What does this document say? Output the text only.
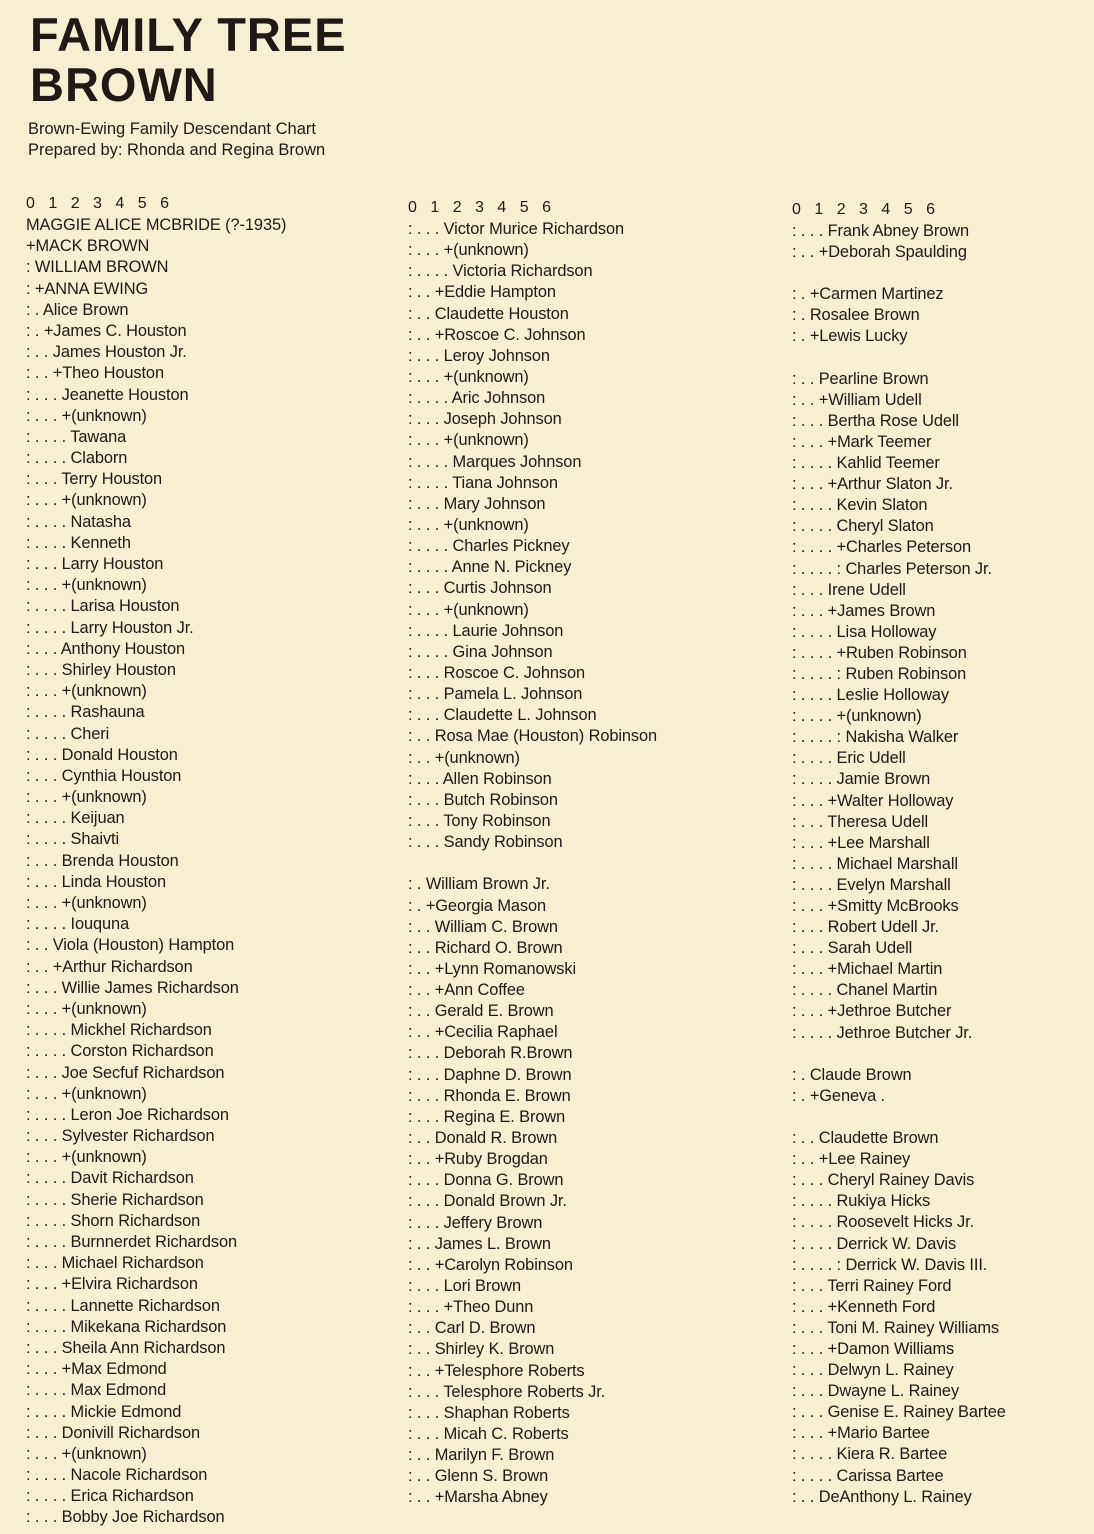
FAMILY TREE
BROWN
Brown-Ewing Family Descendant Chart
Prepared by: Rhonda and Regina Brown
0 1 2 3 4 5 6
MAGGIE ALICE MCBRIDE (?-1935)
+MACK BROWN
: WILLIAM BROWN
: +ANNA EWING
: . Alice Brown
: . +James C. Houston
: . . James Houston Jr.
: . . +Theo Houston
: . . . Jeanette Houston
: . . . +(unknown)
: . . . . Tawana
: . . . . Claborn
: . . . Terry Houston
: . . . +(unknown)
: . . . . Natasha
: . . . . Kenneth
: . . . Larry Houston
: . . . +(unknown)
: . . . . Larisa Houston
: . . . . Larry Houston Jr.
: . . . Anthony Houston
: . . . Shirley Houston
: . . . +(unknown)
: . . . . Rashauna
: . . . . Cheri
: . . . Donald Houston
: . . . Cynthia Houston
: . . . +(unknown)
: . . . . Keijuan
: . . . . Shaivti
: . . . Brenda Houston
: . . . Linda Houston
: . . . +(unknown)
: . . . . Iouquna
: . . Viola (Houston) Hampton
: . . +Arthur Richardson
: . . . Willie James Richardson
: . . . +(unknown)
: . . . . Mickhel Richardson
: . . . . Corston Richardson
: . . . Joe Secfuf Richardson
: . . . +(unknown)
: . . . . Leron Joe Richardson
: . . . Sylvester Richardson
: . . . +(unknown)
: . . . . Davit Richardson
: . . . . Sherie Richardson
: . . . . Shorn Richardson
: . . . . Burnnerdet Richardson
: . . . Michael Richardson
: . . . +Elvira Richardson
: . . . . Lannette Richardson
: . . . . Mikekana Richardson
: . . . Sheila Ann Richardson
: . . . +Max Edmond
: . . . . Max Edmond
: . . . . Mickie Edmond
: . . . Donivill Richardson
: . . . +(unknown)
: . . . . Nacole Richardson
: . . . . Erica Richardson
: . . . Bobby Joe Richardson
0 1 2 3 4 5 6
: . . . Victor Murice Richardson
: . . . +(unknown)
: . . . . Victoria Richardson
: . . +Eddie Hampton
: . . Claudette Houston
: . . +Roscoe C. Johnson
: . . . Leroy Johnson
: . . . +(unknown)
: . . . . Aric Johnson
: . . . Joseph Johnson
: . . . +(unknown)
: . . . . Marques Johnson
: . . . . Tiana Johnson
: . . . Mary Johnson
: . . . +(unknown)
: . . . . Charles Pickney
: . . . . Anne N. Pickney
: . . . Curtis Johnson
: . . . +(unknown)
: . . . . Laurie Johnson
: . . . . Gina Johnson
: . . . Roscoe C. Johnson
: . . . Pamela L. Johnson
: . . . Claudette L. Johnson
: . . Rosa Mae (Houston) Robinson
: . . +(unknown)
: . . . Allen Robinson
: . . . Butch Robinson
: . . . Tony Robinson
: . . . Sandy Robinson
: . William Brown Jr.
: . +Georgia Mason
: . . William C. Brown
: . . Richard O. Brown
: . . +Lynn Romanowski
: . . +Ann Coffee
: . . Gerald E. Brown
: . . +Cecilia Raphael
: . . . Deborah R.Brown
: . . . Daphne D. Brown
: . . . Rhonda E. Brown
: . . . Regina E. Brown
: . . Donald R. Brown
: . . +Ruby Brogdan
: . . . Donna G. Brown
: . . . Donald Brown Jr.
: . . . Jeffery Brown
: . . James L. Brown
: . . +Carolyn Robinson
: . . . Lori Brown
: . . . +Theo Dunn
: . . Carl D. Brown
: . . Shirley K. Brown
: . . +Telesphore Roberts
: . . . Telesphore Roberts Jr.
: . . . Shaphan Roberts
: . . . Micah C. Roberts
: . . Marilyn F. Brown
: . . Glenn S. Brown
: . . +Marsha Abney
0 1 2 3 4 5 6
: . . . Frank Abney Brown
: . . +Deborah Spaulding
: . +Carmen Martinez
: . Rosalee Brown
: . +Lewis Lucky
: . . Pearline Brown
: . . +William Udell
: . . . Bertha Rose Udell
: . . . +Mark Teemer
: . . . . Kahlid Teemer
: . . . +Arthur Slaton Jr.
: . . . . Kevin Slaton
: . . . . Cheryl Slaton
: . . . . +Charles Peterson
: . . . . : Charles Peterson Jr.
: . . . Irene Udell
: . . . +James Brown
: . . . . Lisa Holloway
: . . . . +Ruben Robinson
: . . . . : Ruben Robinson
: . . . . Leslie Holloway
: . . . . +(unknown)
: . . . . : Nakisha Walker
: . . . . Eric Udell
: . . . . Jamie Brown
: . . . +Walter Holloway
: . . . Theresa Udell
: . . . +Lee Marshall
: . . . . Michael Marshall
: . . . . Evelyn Marshall
: . . . +Smitty McBrooks
: . . . Robert Udell Jr.
: . . . Sarah Udell
: . . . +Michael Martin
: . . . . Chanel Martin
: . . . +Jethroe Butcher
: . . . . Jethroe Butcher Jr.
: . Claude Brown
: . +Geneva .
: . . Claudette Brown
: . . +Lee Rainey
: . . . Cheryl Rainey Davis
: . . . . Rukiya Hicks
: . . . . Roosevelt Hicks Jr.
: . . . . Derrick W. Davis
: . . . . : Derrick W. Davis III.
: . . . Terri Rainey Ford
: . . . +Kenneth Ford
: . . . Toni M. Rainey Williams
: . . . +Damon Williams
: . . . Delwyn L. Rainey
: . . . Dwayne L. Rainey
: . . . Genise E. Rainey Bartee
: . . . +Mario Bartee
: . . . . Kiera R. Bartee
: . . . . Carissa Bartee
: . . DeAnthony L. Rainey
